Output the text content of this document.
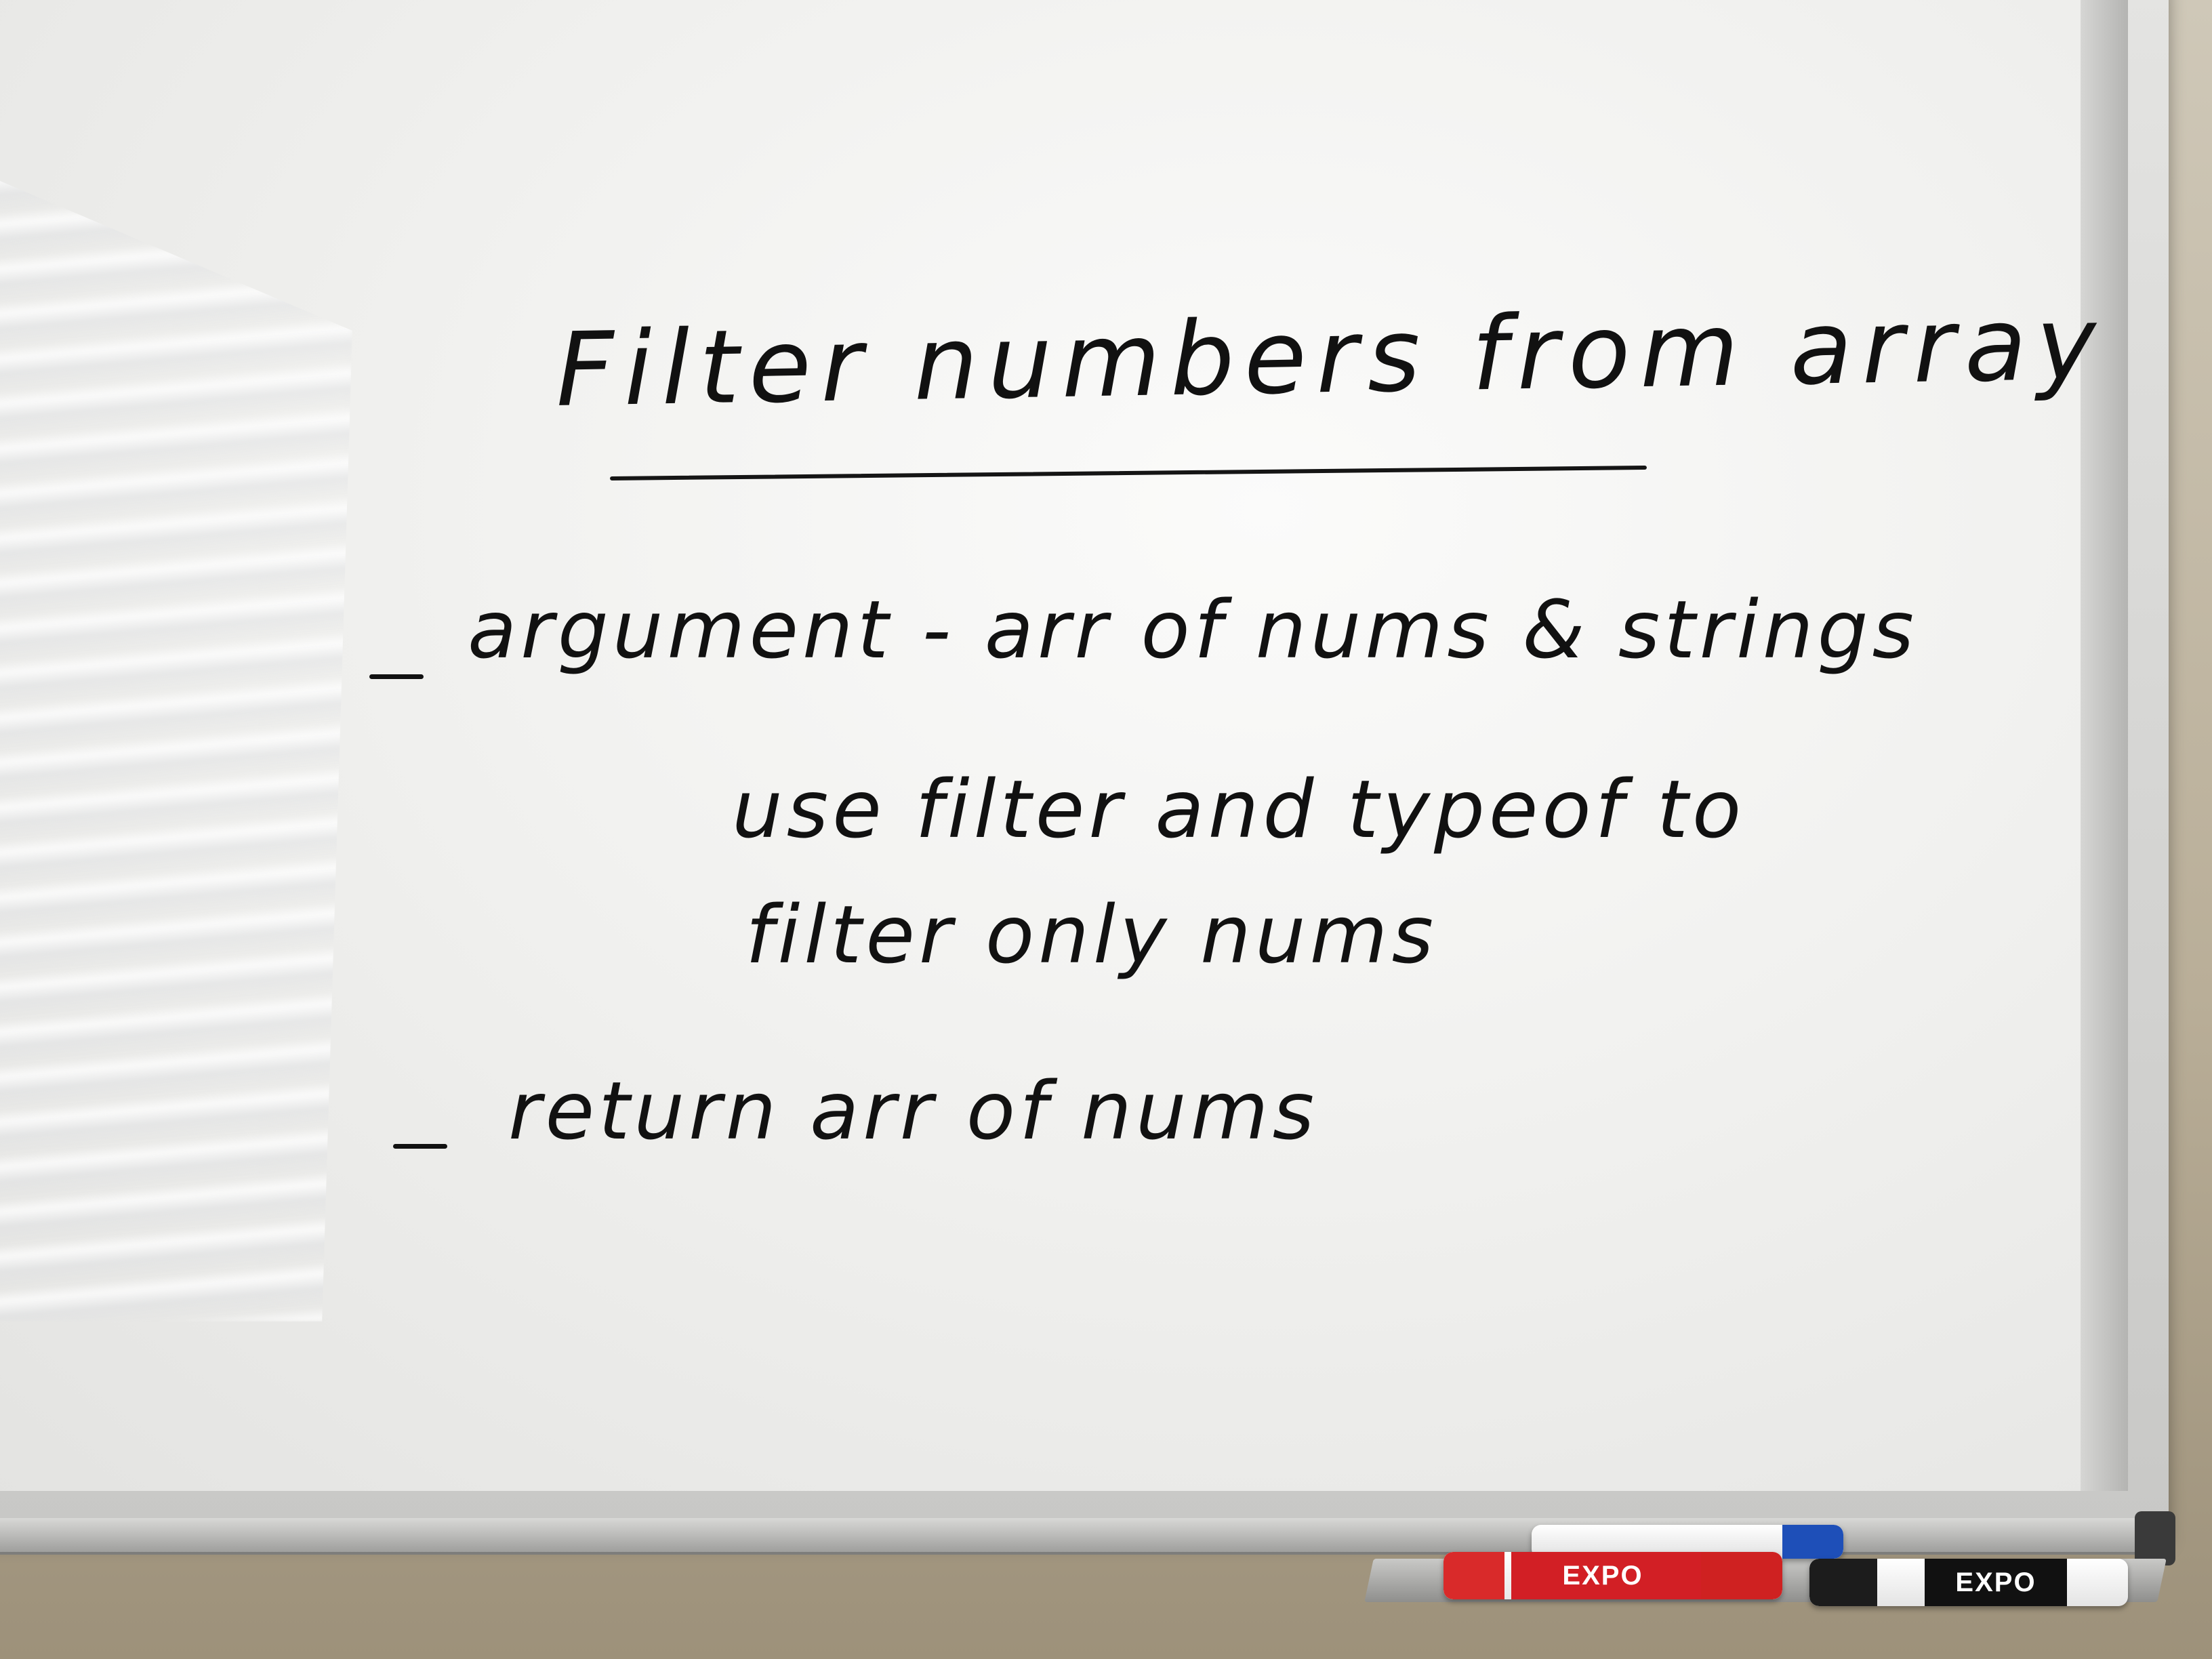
Filter numbers from array
argument - arr of nums & strings
use filter and typeof to
filter only nums
return arr of nums
EXPO	EXPO
